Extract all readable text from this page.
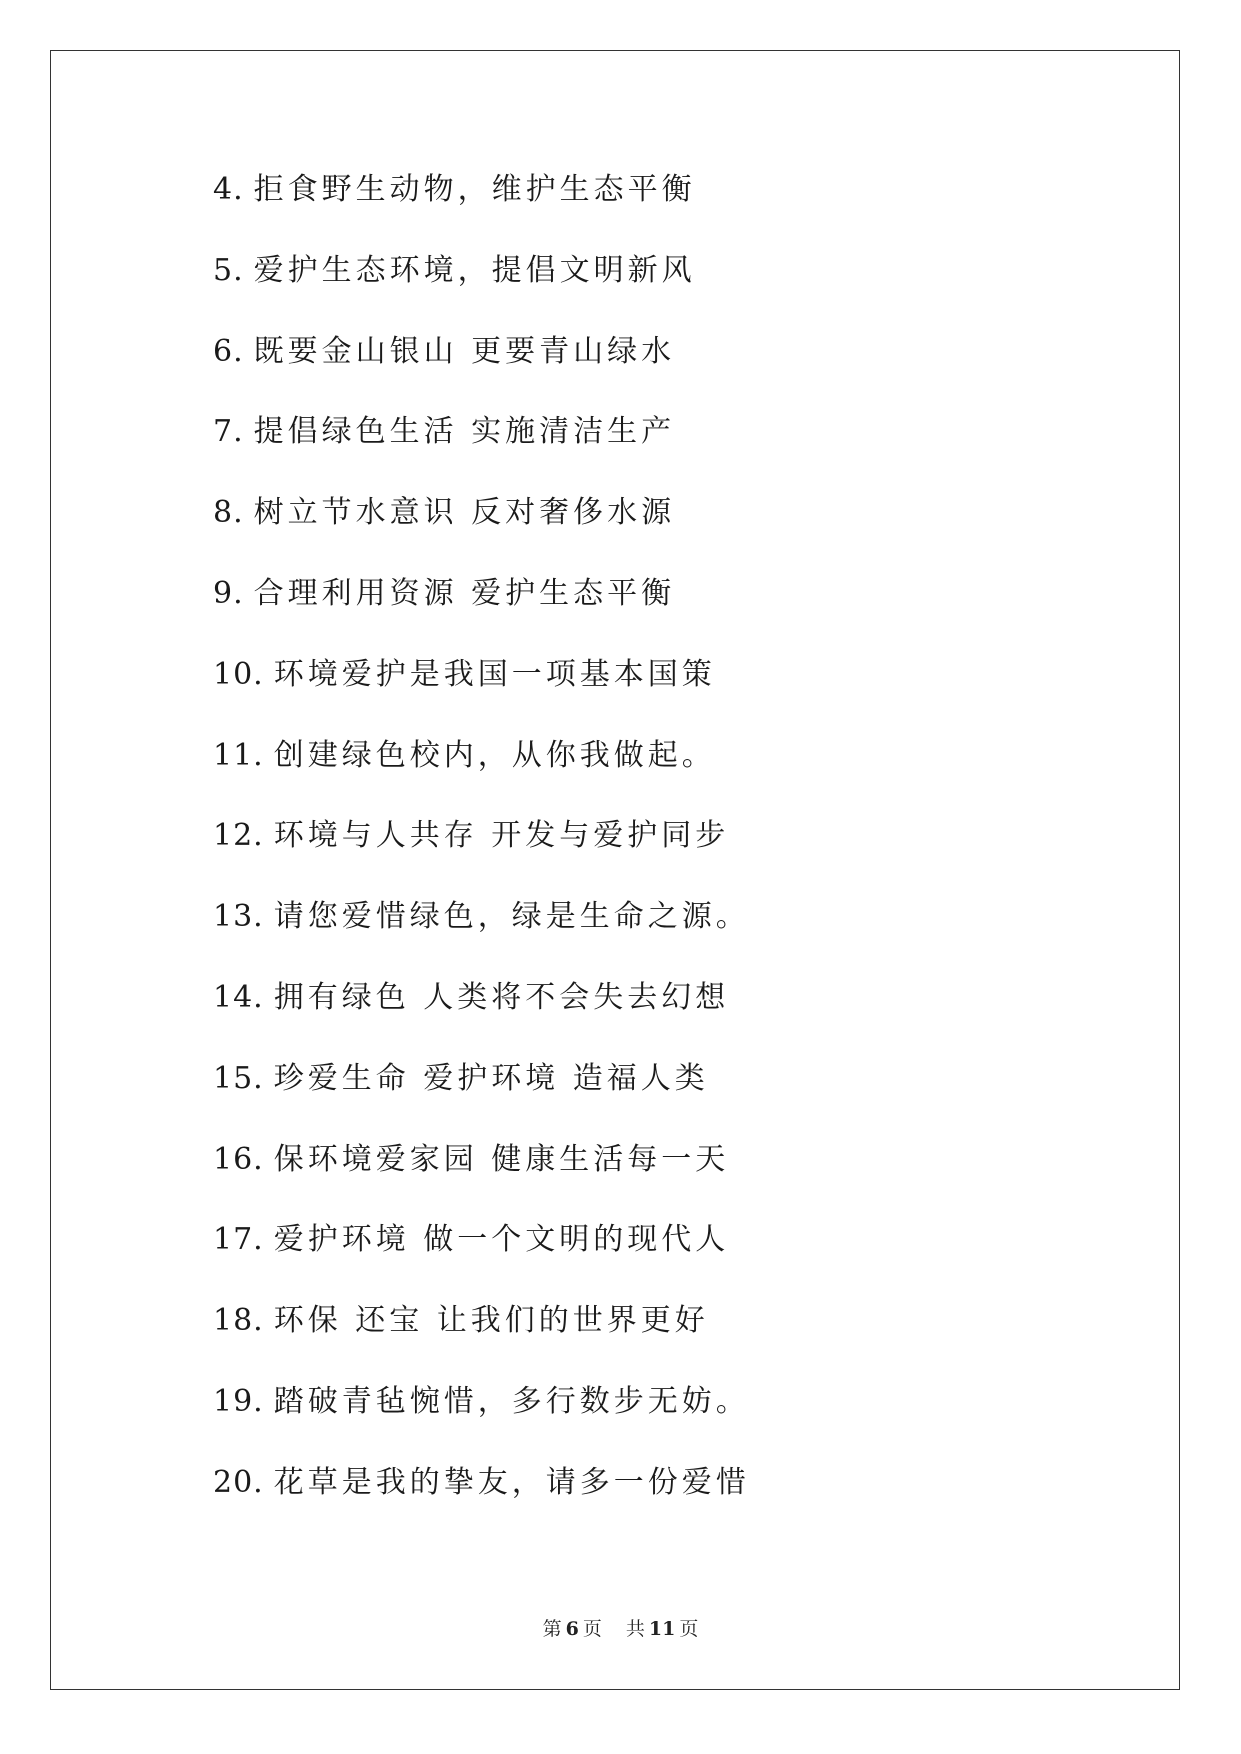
4. 拒食野生动物，维护生态平衡
5. 爱护生态环境，提倡文明新风
6. 既要金山银山 更要青山绿水
7. 提倡绿色生活 实施清洁生产
8. 树立节水意识 反对奢侈水源
9. 合理利用资源 爱护生态平衡
10. 环境爱护是我国一项基本国策
11. 创建绿色校内，从你我做起。
12. 环境与人共存 开发与爱护同步
13. 请您爱惜绿色，绿是生命之源。
14. 拥有绿色 人类将不会失去幻想
15. 珍爱生命 爱护环境 造福人类
16. 保环境爱家园 健康生活每一天
17. 爱护环境 做一个文明的现代人
18. 环保 还宝 让我们的世界更好
19. 踏破青毡惋惜，多行数步无妨。
20. 花草是我的挚友，请多一份爱惜
第 6 页 共 11 页
